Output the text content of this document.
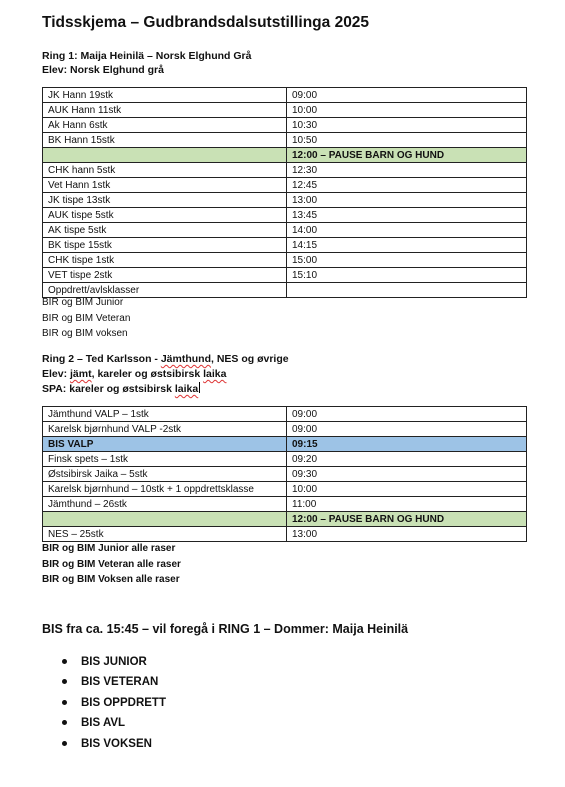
Tidsskjema – Gudbrandsdalsutstillinga 2025
Ring 1: Maija Heinilä – Norsk Elghund Grå
Elev: Norsk Elghund grå
JK Hann 19stk	09:00
AUK Hann 11stk	10:00
Ak Hann 6stk	10:30
BK Hann 15stk	10:50
	12:00 – PAUSE BARN OG HUND
CHK hann 5stk	12:30
Vet Hann 1stk	12:45
JK tispe 13stk	13:00
AUK tispe 5stk	13:45
AK tispe 5stk	14:00
BK tispe 15stk	14:15
CHK tispe 1stk	15:00
VET tispe 2stk	15:10
Oppdrett/avlsklasser	
BIR og BIM Junior
BIR og BIM Veteran
BIR og BIM voksen
Ring 2 – Ted Karlsson - Jämthund, NES og øvrige
Elev: jämt, kareler og østsibirsk laika
SPA: kareler og østsibirsk laika
Jämthund VALP – 1stk	09:00
Karelsk bjørnhund VALP -2stk	09:00
BIS VALP	09:15
Finsk spets – 1stk	09:20
Østsibirsk Jaika – 5stk	09:30
Karelsk bjørnhund – 10stk + 1 oppdrettsklasse	10:00
Jämthund – 26stk	11:00
	12:00 – PAUSE BARN OG HUND
NES – 25stk	13:00
BIR og BIM Junior alle raser
BIR og BIM Veteran alle raser
BIR og BIM Voksen alle raser
BIS fra ca. 15:45 – vil foregå i RING 1 – Dommer: Maija Heinilä
BIS JUNIOR
BIS VETERAN
BIS OPPDRETT
BIS AVL
BIS VOKSEN
